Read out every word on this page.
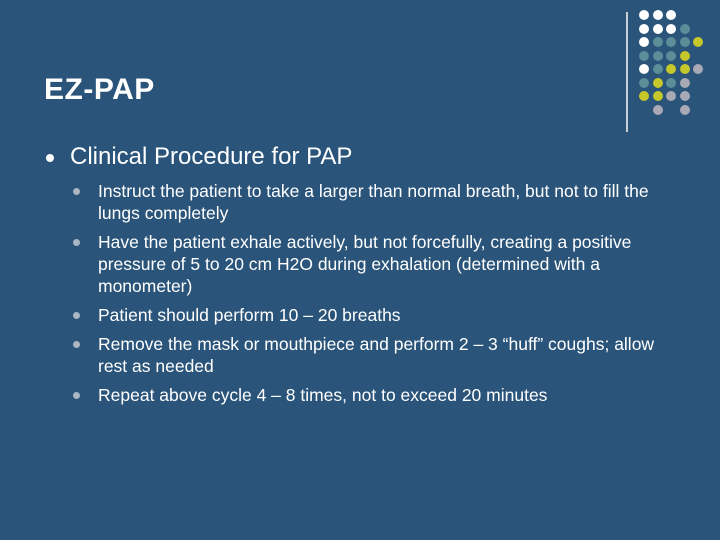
EZ-PAP
Clinical Procedure for PAP
Instruct the patient to take a larger than normal breath, but not to fill the lungs completely
Have the patient exhale actively, but not forcefully, creating a positive pressure of 5 to 20 cm H2O during exhalation (determined with a monometer)
Patient should perform 10 – 20 breaths
Remove the mask or mouthpiece and perform 2 – 3 “huff” coughs; allow rest as needed
Repeat above cycle 4 – 8 times, not to exceed 20 minutes
